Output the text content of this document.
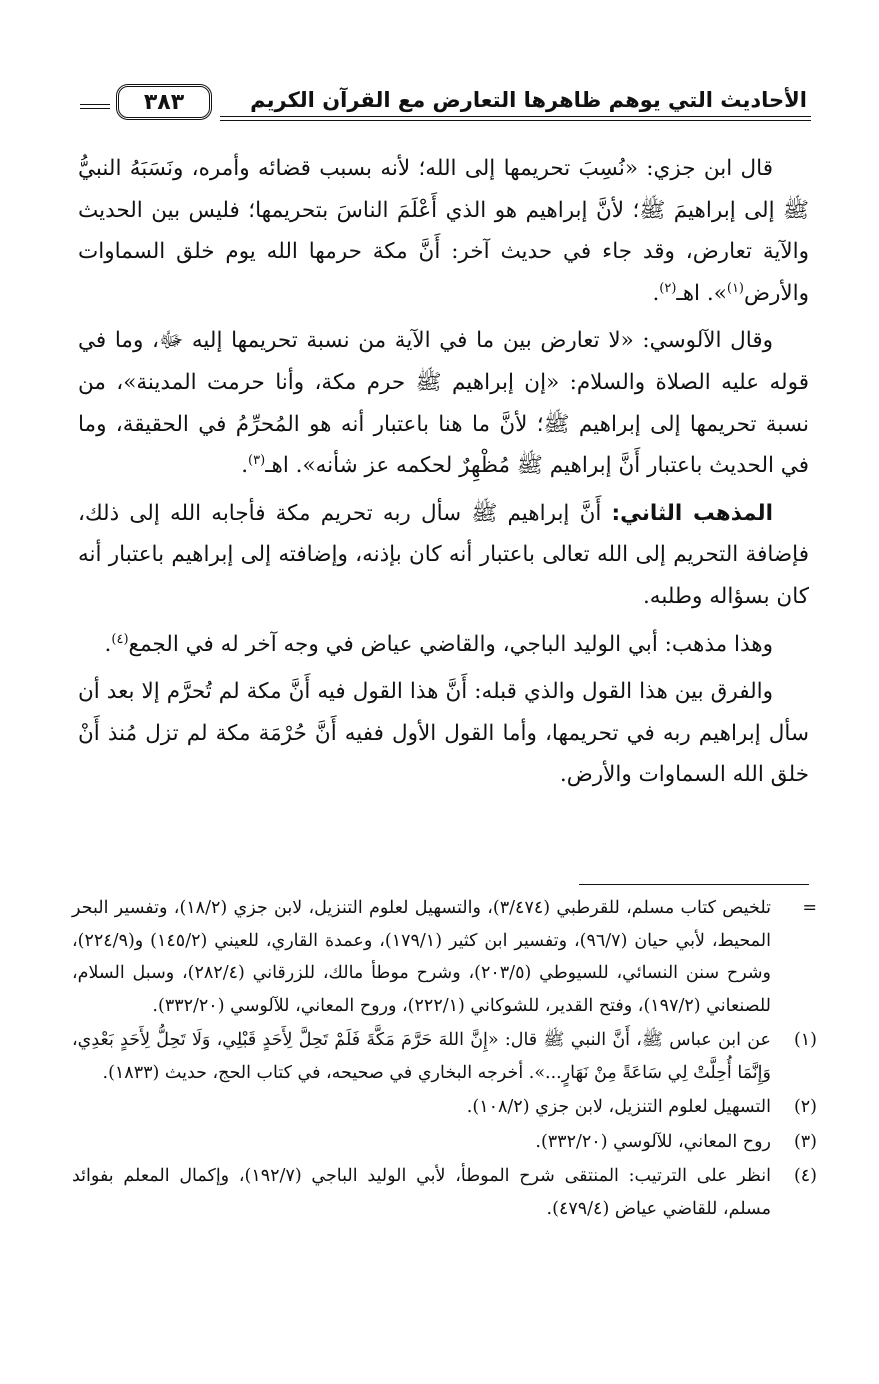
الأحاديث التي يوهم ظاهرها التعارض مع القرآن الكريم
٣٨٣

قال ابن جزي: «نُسِبَ تحريمها إلى الله؛ لأنه بسبب قضائه وأمره، ونَسَبَهُ النبيُّ ﷺ إلى إبراهيمَ ﷺ؛ لأنَّ إبراهيم هو الذي أَعْلَمَ الناسَ بتحريمها؛ فليس بين الحديث والآية تعارض، وقد جاء في حديث آخر: أَنَّ مكة حرمها الله يوم خلق السماوات والأرض$^{(١)}$». اهـ$^{(٢)}$.

وقال الآلوسي: «لا تعارض بين ما في الآية من نسبة تحريمها إليه ﷻ، وما في قوله عليه الصلاة والسلام: «إن إبراهيم ﷺ حرم مكة، وأنا حرمت المدينة»، من نسبة تحريمها إلى إبراهيم ﷺ؛ لأنَّ ما هنا باعتبار أنه هو المُحرِّمُ في الحقيقة، وما في الحديث باعتبار أَنَّ إبراهيم ﷺ مُظْهِرٌ لحكمه عز شأنه». اهـ$^{(٣)}$.

المذهب الثاني: أَنَّ إبراهيم ﷺ سأل ربه تحريم مكة فأجابه الله إلى ذلك، فإضافة التحريم إلى الله تعالى باعتبار أنه كان بإذنه، وإضافته إلى إبراهيم باعتبار أنه كان بسؤاله وطلبه.

وهذا مذهب: أبي الوليد الباجي، والقاضي عياض في وجه آخر له في الجمع$^{(٤)}$.

والفرق بين هذا القول والذي قبله: أَنَّ هذا القول فيه أَنَّ مكة لم تُحرَّم إلا بعد أن سأل إبراهيم ربه في تحريمها، وأما القول الأول ففيه أَنَّ حُرْمَة مكة لم تزل مُنذ أَنْ خلق الله السماوات والأرض.

=
تلخيص كتاب مسلم، للقرطبي (٣/٤٧٤)، والتسهيل لعلوم التنزيل، لابن جزي (١٨/٢)، وتفسير البحر المحيط، لأبي حيان (٩٦/٧)، وتفسير ابن كثير (١٧٩/١)، وعمدة القاري، للعيني (١٤٥/٢) و(٢٢٤/٩)، وشرح سنن النسائي، للسيوطي (٢٠٣/٥)، وشرح موطأ مالك، للزرقاني (٢٨٢/٤)، وسبل السلام، للصنعاني (١٩٧/٢)، وفتح القدير، للشوكاني (٢٢٢/١)، وروح المعاني، للآلوسي (٣٣٢/٢٠).
(١)
عن ابن عباس ﷺ، أَنَّ النبي ﷺ قال: «إِنَّ اللهَ حَرَّمَ مَكَّةَ فَلَمْ تَحِلَّ لِأَحَدٍ قَبْلِي، وَلَا تَحِلُّ لِأَحَدٍ بَعْدِي، وَإِنَّمَا أُحِلَّتْ لِي سَاعَةً مِنْ نَهَارٍ...». أخرجه البخاري في صحيحه، في كتاب الحج، حديث (١٨٣٣).
(٢)
التسهيل لعلوم التنزيل، لابن جزي (١٠٨/٢).
(٣)
روح المعاني، للآلوسي (٣٣٢/٢٠).
(٤)
انظر على الترتيب: المنتقى شرح الموطأ، لأبي الوليد الباجي (١٩٢/٧)، وإكمال المعلم بفوائد مسلم، للقاضي عياض (٤٧٩/٤).
